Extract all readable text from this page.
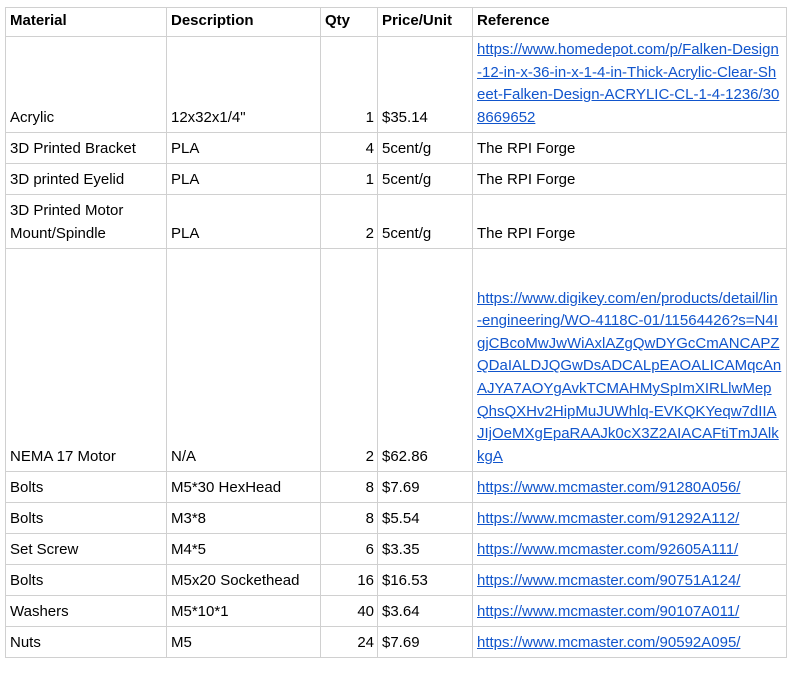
Material	Description	Qty	Price/Unit	Reference
Acrylic	12x32x1/4"	1	$35.14	https://www.homedepot.com/p/Falken-Design-12-in-x-36-in-x-1-4-in-Thick-Acrylic-Clear-Sheet-Falken-Design-ACRYLIC-CL-1-4-1236/308669652
3D Printed Bracket	PLA	4	5cent/g	The RPI Forge
3D printed Eyelid	PLA	1	5cent/g	The RPI Forge
3D Printed Motor Mount/Spindle	PLA	2	5cent/g	The RPI Forge
NEMA 17 Motor	N/A	2	$62.86	https://www.digikey.com/en/products/detail/lin-engineering/WO-4118C-01/11564426?s=N4IgjCBcoMwJwWiAxlAZgQwDYGcCmANCAPZQDaIALDJQGwDsADCALpEAOALICAMqcAnAJYA7AOYgAvkTCMAHMySpImXIRLlwMepQhsQXHv2HipMuJUWhlq-EVKQKYeqw7dIIAJIjOeMXgEpaRAAJk0cX3Z2AIACAFtiTmJAlkkgA
Bolts	M5*30 HexHead	8	$7.69	https://www.mcmaster.com/91280A056/
Bolts	M3*8	8	$5.54	https://www.mcmaster.com/91292A112/
Set Screw	M4*5	6	$3.35	https://www.mcmaster.com/92605A111/
Bolts	M5x20 Sockethead	16	$16.53	https://www.mcmaster.com/90751A124/
Washers	M5*10*1	40	$3.64	https://www.mcmaster.com/90107A011/
Nuts	M5	24	$7.69	https://www.mcmaster.com/90592A095/
